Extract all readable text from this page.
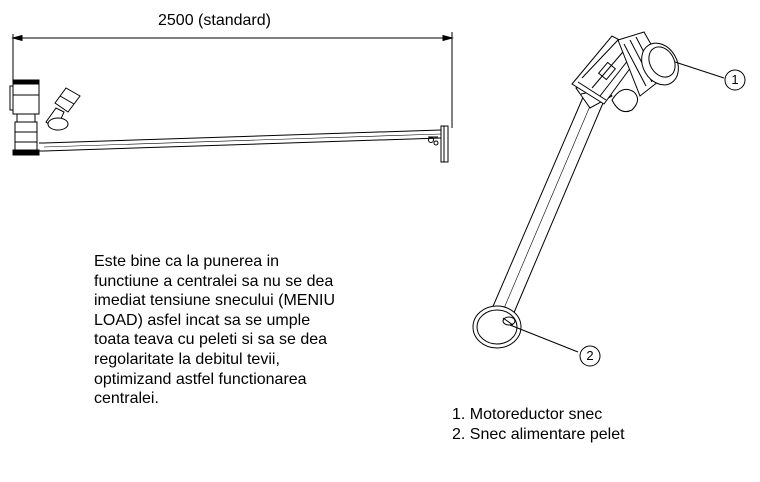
2500 (standard)
1
2
Este bine ca la punerea in
functiune a centralei sa nu se dea
imediat tensiune snecului (MENIU
LOAD) asfel incat sa se umple
toata teava cu peleti si sa se dea
regolaritate la debitul tevii,
optimizand astfel functionarea
centralei.
1. Motoreductor snec
2. Snec alimentare pelet
